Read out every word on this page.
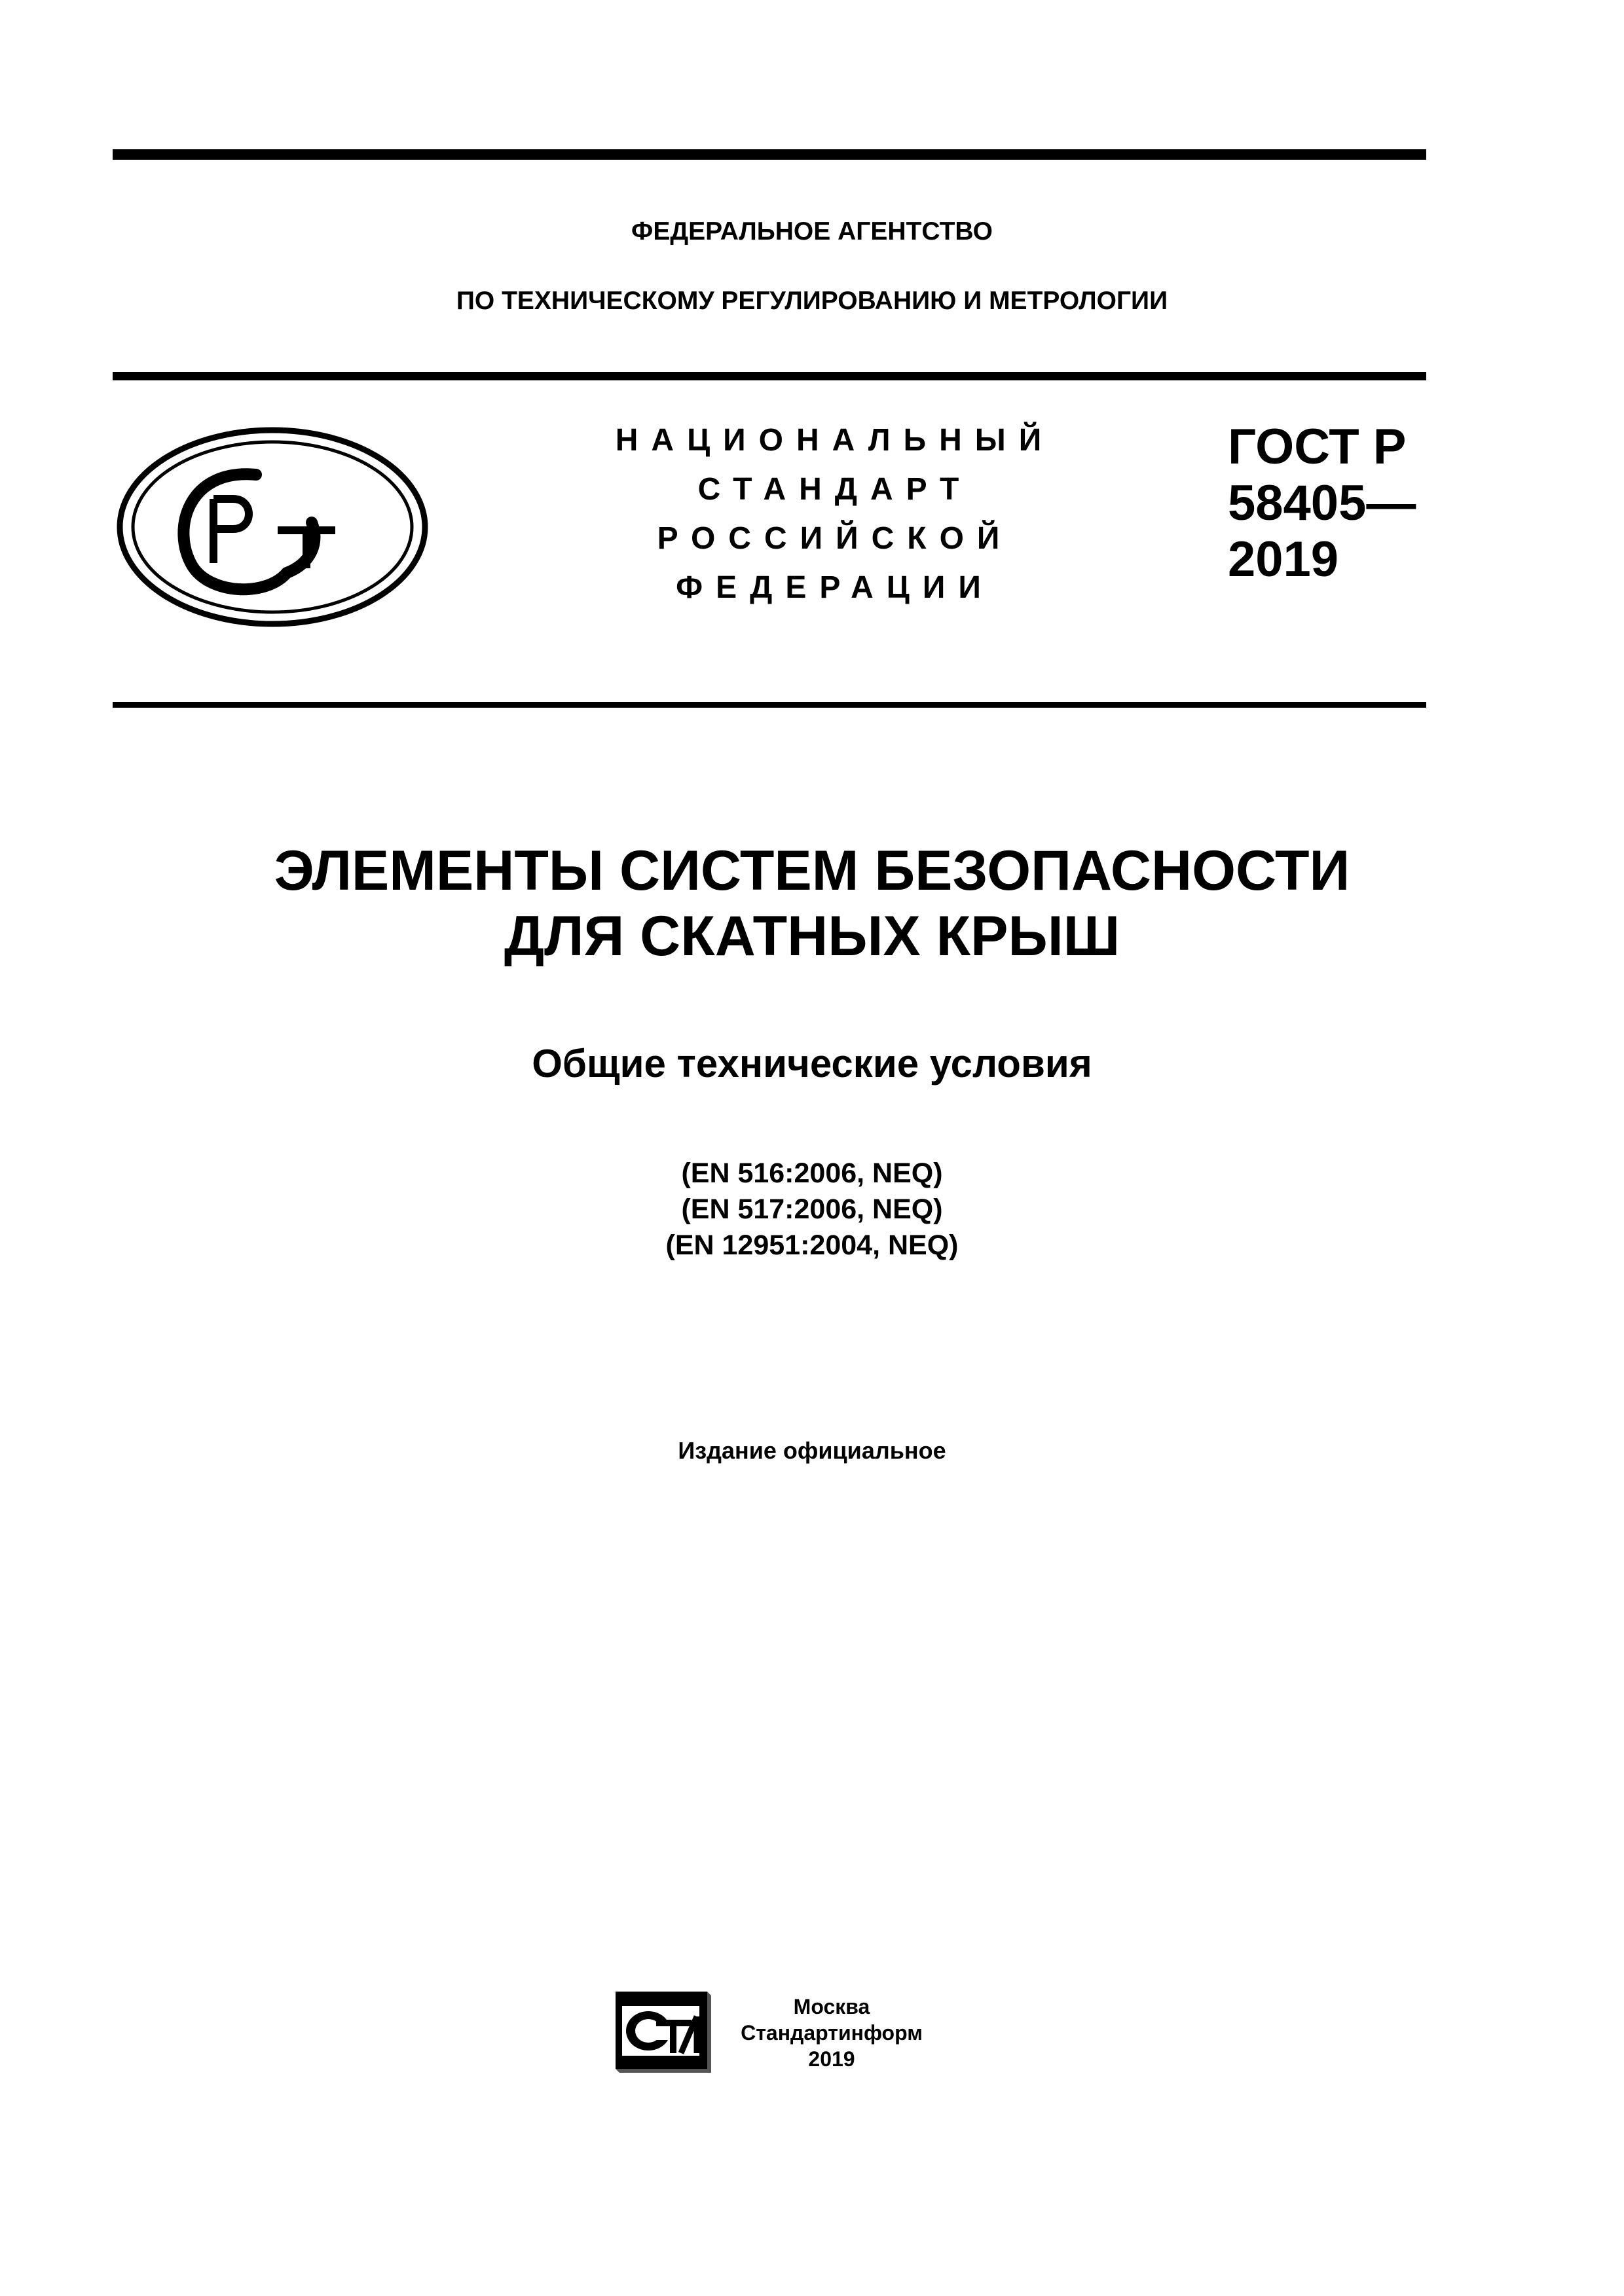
ФЕДЕРАЛЬНОЕ АГЕНТСТВО
ПО ТЕХНИЧЕСКОМУ РЕГУЛИРОВАНИЮ И МЕТРОЛОГИИ
РСТ	НАЦИОНАЛЬНЫЙ
СТАНДАРТ
РОССИЙСКОЙ
ФЕДЕРАЦИИ
ГОСТ Р
58405—
2019
ЭЛЕМЕНТЫ СИСТЕМ БЕЗОПАСНОСТИ
ДЛЯ СКАТНЫХ КРЫШ
Общие технические условия
(EN 516:2006, NEQ)
(EN 517:2006, NEQ)
(EN 12951:2004, NEQ)
Издание официальное
СТИ
Москва
Стандартинформ
2019
